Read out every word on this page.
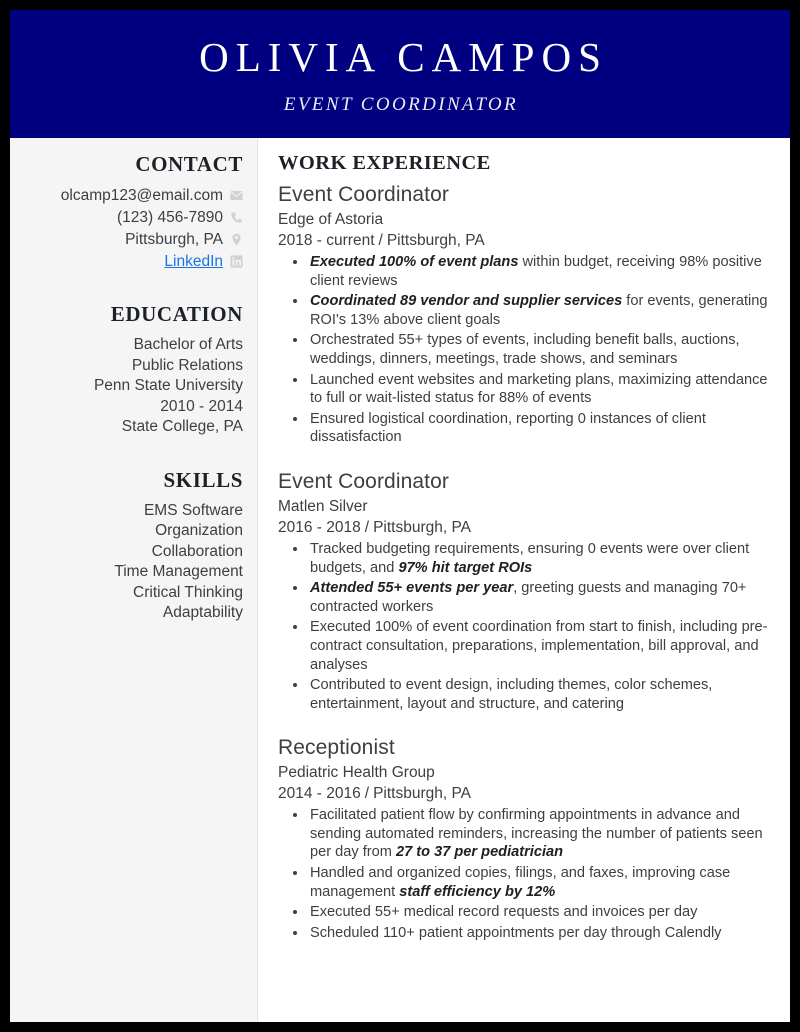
OLIVIA CAMPOS
EVENT COORDINATOR
CONTACT
olcamp123@email.com
(123) 456-7890
Pittsburgh, PA
LinkedIn
EDUCATION
Bachelor of Arts
Public Relations
Penn State University
2010 - 2014
State College, PA
SKILLS
EMS Software
Organization
Collaboration
Time Management
Critical Thinking
Adaptability
WORK EXPERIENCE
Event Coordinator
Edge of Astoria
2018 - current / Pittsburgh, PA
• Executed 100% of event plans within budget, receiving 98% positive client reviews
• Coordinated 89 vendor and supplier services for events, generating ROI's 13% above client goals
• Orchestrated 55+ types of events, including benefit balls, auctions, weddings, dinners, meetings, trade shows, and seminars
• Launched event websites and marketing plans, maximizing attendance to full or wait-listed status for 88% of events
• Ensured logistical coordination, reporting 0 instances of client dissatisfaction
Event Coordinator
Matlen Silver
2016 - 2018 / Pittsburgh, PA
• Tracked budgeting requirements, ensuring 0 events were over client budgets, and 97% hit target ROIs
• Attended 55+ events per year, greeting guests and managing 70+ contracted workers
• Executed 100% of event coordination from start to finish, including pre-contract consultation, preparations, implementation, bill approval, and analyses
• Contributed to event design, including themes, color schemes, entertainment, layout and structure, and catering
Receptionist
Pediatric Health Group
2014 - 2016 / Pittsburgh, PA
• Facilitated patient flow by confirming appointments in advance and sending automated reminders, increasing the number of patients seen per day from 27 to 37 per pediatrician
• Handled and organized copies, filings, and faxes, improving case management staff efficiency by 12%
• Executed 55+ medical record requests and invoices per day
• Scheduled 110+ patient appointments per day through Calendly
